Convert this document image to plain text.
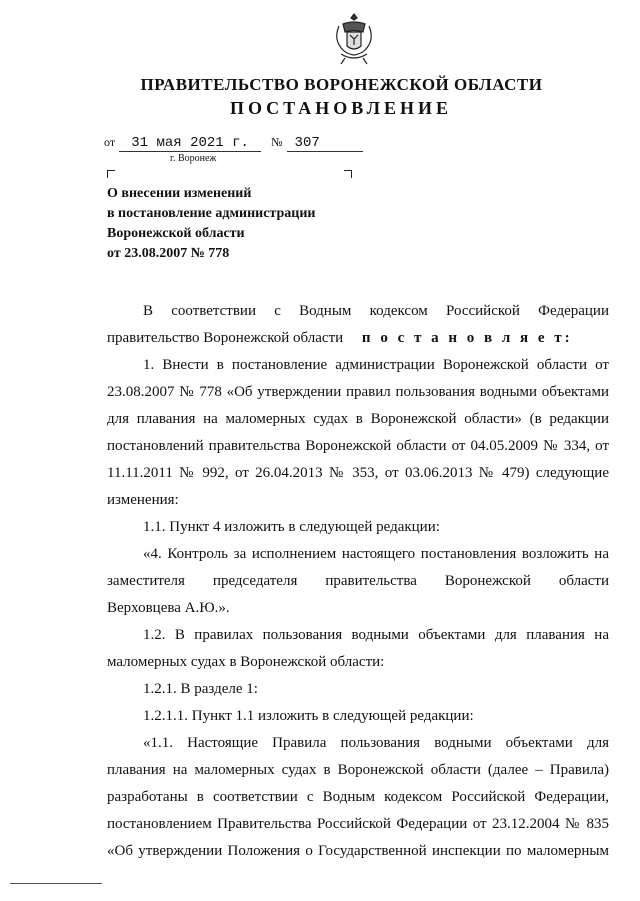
ПРАВИТЕЛЬСТВО ВОРОНЕЖСКОЙ ОБЛАСТИ
ПОСТАНОВЛЕНИЕ
от 31 мая 2021 г. № 307
г. Воронеж
О внесении изменений
в постановление администрации
Воронежской области
от 23.08.2007 № 778

В соответствии с Водным кодексом Российской Федерации
правительство Воронежской области п о с т а н о в л я е т:

1. Внести в постановление администрации Воронежской области от
23.08.2007 № 778 «Об утверждении правил пользования водными объектами
для плавания на маломерных судах в Воронежской области» (в редакции
постановлений правительства Воронежской области от 04.05.2009 № 334, от
11.11.2011 № 992, от 26.04.2013 № 353, от 03.06.2013 № 479) следующие
изменения:

1.1. Пункт 4 изложить в следующей редакции:

«4. Контроль за исполнением настоящего постановления возложить на
заместителя председателя правительства Воронежской области
Верховцева А.Ю.».

1.2. В правилах пользования водными объектами для плавания на
маломерных судах в Воронежской области:

1.2.1. В разделе 1:

1.2.1.1. Пункт 1.1 изложить в следующей редакции:

«1.1. Настоящие Правила пользования водными объектами для
плавания на маломерных судах в Воронежской области (далее – Правила)
разработаны в соответствии с Водным кодексом Российской Федерации,
постановлением Правительства Российской Федерации от 23.12.2004 № 835
«Об утверждении Положения о Государственной инспекции по маломерным
